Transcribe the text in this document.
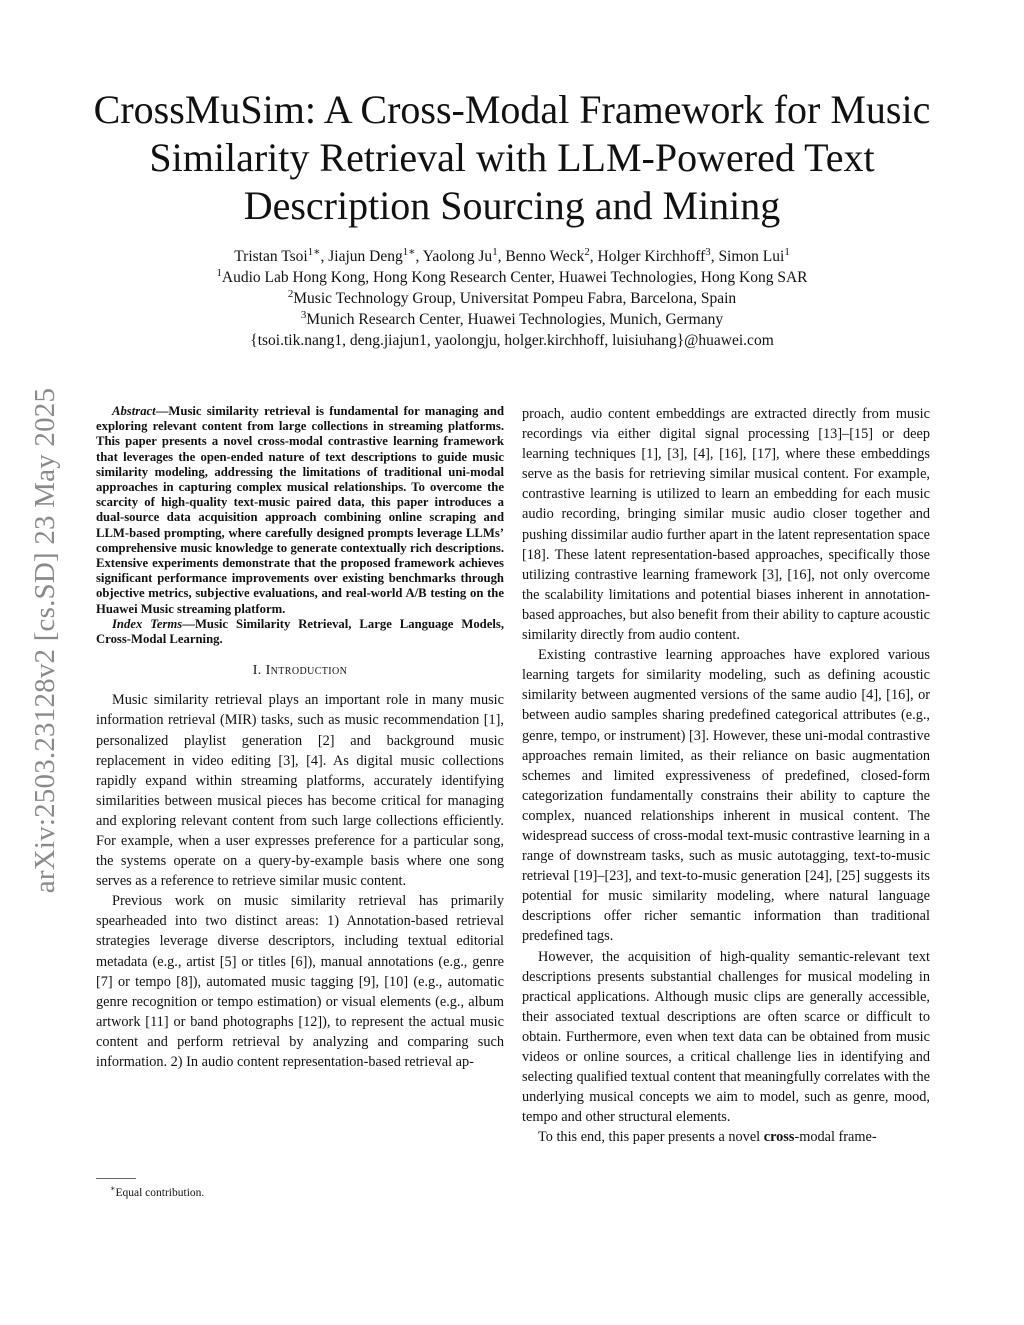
arXiv:2503.23128v2 [cs.SD] 23 May 2025
CrossMuSim: A Cross-Modal Framework for Music
Similarity Retrieval with LLM-Powered Text
Description Sourcing and Mining
Tristan Tsoi$^{1∗}$, Jiajun Deng$^{1∗}$, Yaolong Ju$^1$, Benno Weck$^2$, Holger Kirchhoff$^3$, Simon Lui$^1$
$^1$Audio Lab Hong Kong, Hong Kong Research Center, Huawei Technologies, Hong Kong SAR
$^2$Music Technology Group, Universitat Pompeu Fabra, Barcelona, Spain
$^3$Munich Research Center, Huawei Technologies, Munich, Germany
{tsoi.tik.nang1, deng.jiajun1, yaolongju, holger.kirchhoff, luisiuhang}@huawei.com

Abstract—Music similarity retrieval is fundamental for managing and exploring relevant content from large collections in streaming platforms. This paper presents a novel cross-modal contrastive learning framework that leverages the open-ended nature of text descriptions to guide music similarity modeling, addressing the limitations of traditional uni-modal approaches in capturing complex musical relationships. To overcome the scarcity of high-quality text-music paired data, this paper introduces a dual-source data acquisition approach combining online scraping and LLM-based prompting, where carefully designed prompts leverage LLMs’ comprehensive music knowledge to generate contextually rich descriptions. Extensive experiments demonstrate that the proposed framework achieves significant performance improvements over existing benchmarks through objective metrics, subjective evaluations, and real-world A/B testing on the Huawei Music streaming platform.

Index Terms—Music Similarity Retrieval, Large Language Models, Cross-Modal Learning.

I. Introduction

Music similarity retrieval plays an important role in many music information retrieval (MIR) tasks, such as music recommendation [1], personalized playlist generation [2] and background music replacement in video editing [3], [4]. As digital music collections rapidly expand within streaming platforms, accurately identifying similarities between musical pieces has become critical for managing and exploring relevant content from such large collections efficiently. For example, when a user expresses preference for a particular song, the systems operate on a query-by-example basis where one song serves as a reference to retrieve similar music content.

Previous work on music similarity retrieval has primarily spearheaded into two distinct areas: 1) Annotation-based retrieval strategies leverage diverse descriptors, including textual editorial metadata (e.g., artist [5] or titles [6]), manual annotations (e.g., genre [7] or tempo [8]), automated music tagging [9], [10] (e.g., automatic genre recognition or tempo estimation) or visual elements (e.g., album artwork [11] or band photographs [12]), to represent the actual music content and perform retrieval by analyzing and comparing such information. 2) In audio content representation-based retrieval ap-

proach, audio content embeddings are extracted directly from music recordings via either digital signal processing [13]–[15] or deep learning techniques [1], [3], [4], [16], [17], where these embeddings serve as the basis for retrieving similar musical content. For example, contrastive learning is utilized to learn an embedding for each music audio recording, bringing similar music audio closer together and pushing dissimilar audio further apart in the latent representation space [18]. These latent representation-based approaches, specifically those utilizing contrastive learning framework [3], [16], not only overcome the scalability limitations and potential biases inherent in annotation-based approaches, but also benefit from their ability to capture acoustic similarity directly from audio content.

Existing contrastive learning approaches have explored various learning targets for similarity modeling, such as defining acoustic similarity between augmented versions of the same audio [4], [16], or between audio samples sharing predefined categorical attributes (e.g., genre, tempo, or instrument) [3]. However, these uni-modal contrastive approaches remain limited, as their reliance on basic augmentation schemes and limited expressiveness of predefined, closed-form categorization fundamentally constrains their ability to capture the complex, nuanced relationships inherent in musical content. The widespread success of cross-modal text-music contrastive learning in a range of downstream tasks, such as music autotagging, text-to-music retrieval [19]–[23], and text-to-music generation [24], [25] suggests its potential for music similarity modeling, where natural language descriptions offer richer semantic information than traditional predefined tags.

However, the acquisition of high-quality semantic-relevant text descriptions presents substantial challenges for musical modeling in practical applications. Although music clips are generally accessible, their associated textual descriptions are often scarce or difficult to obtain. Furthermore, even when text data can be obtained from music videos or online sources, a critical challenge lies in identifying and selecting qualified textual content that meaningfully correlates with the underlying musical concepts we aim to model, such as genre, mood, tempo and other structural elements.

To this end, this paper presents a novel cross-modal frame-

∗Equal contribution.
